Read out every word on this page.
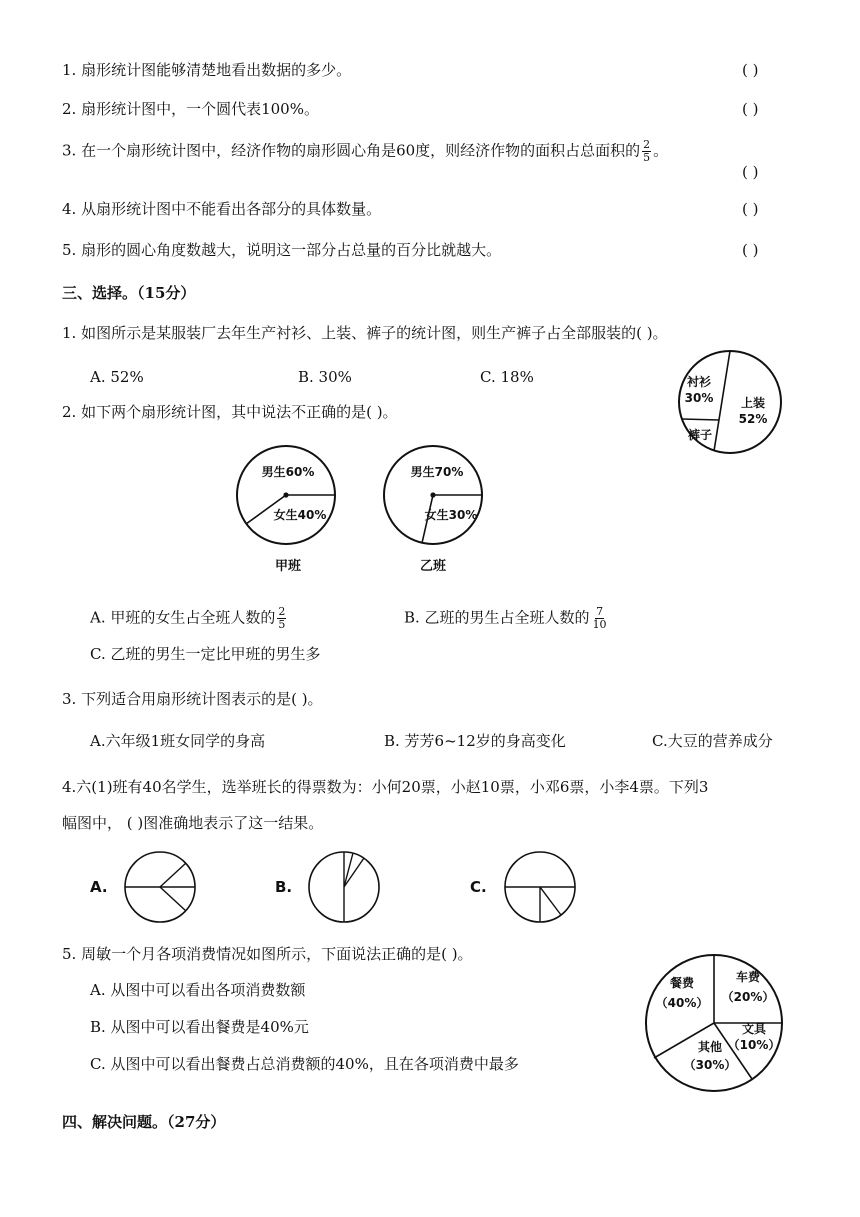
1. 扇形统计图能够清楚地看出数据的多少。	( )
2. 扇形统计图中，一个圆代表100%。	( )
3. 在一个扇形统计图中，经济作物的扇形圆心角是60度，则经济作物的面积占总面积的 $\frac{2}{5}$ 。
( )
4. 从扇形统计图中不能看出各部分的具体数量。	( )
5. 扇形的圆心角度数越大，说明这一部分占总量的百分比就越大。	( )
三、选择。（15分）
1. 如图所示是某服装厂去年生产衬衫、上装、裤子的统计图，则生产裤子占全部服装的( )。
A. 52%	B. 30%	C. 18%	衬衫
30% 上装
52%
裤子
2. 如下两个扇形统计图，其中说法不正确的是( )。
男生60%
女生40%
甲班
男生70%
女生30%
乙班
A. 甲班的女生占全班人数的 $\frac{2}{5}$	B. 乙班的男生占全班人数的 $\frac{7}{10}$
C. 乙班的男生一定比甲班的男生多
3. 下列适合用扇形统计图表示的是( )。
A.六年级1班女同学的身高	B. 芳芳6~12岁的身高变化	C.大豆的营养成分
4.六(1)班有40名学生，选举班长的得票数为：小何20票，小赵10票，小邓6票，小李4票。下列3
幅图中， ( )图准确地表示了这一结果。
A.	B.	C.
5. 周敏一个月各项消费情况如图所示，下面说法正确的是( )。
A. 从图中可以看出各项消费数额
B. 从图中可以看出餐费是40%元
C. 从图中可以看出餐费占总消费额的40%，且在各项消费中最多
餐费
（40%）
车费
（20%）
文具
（10%）
其他
（30%）
四、解决问题。（27分）
